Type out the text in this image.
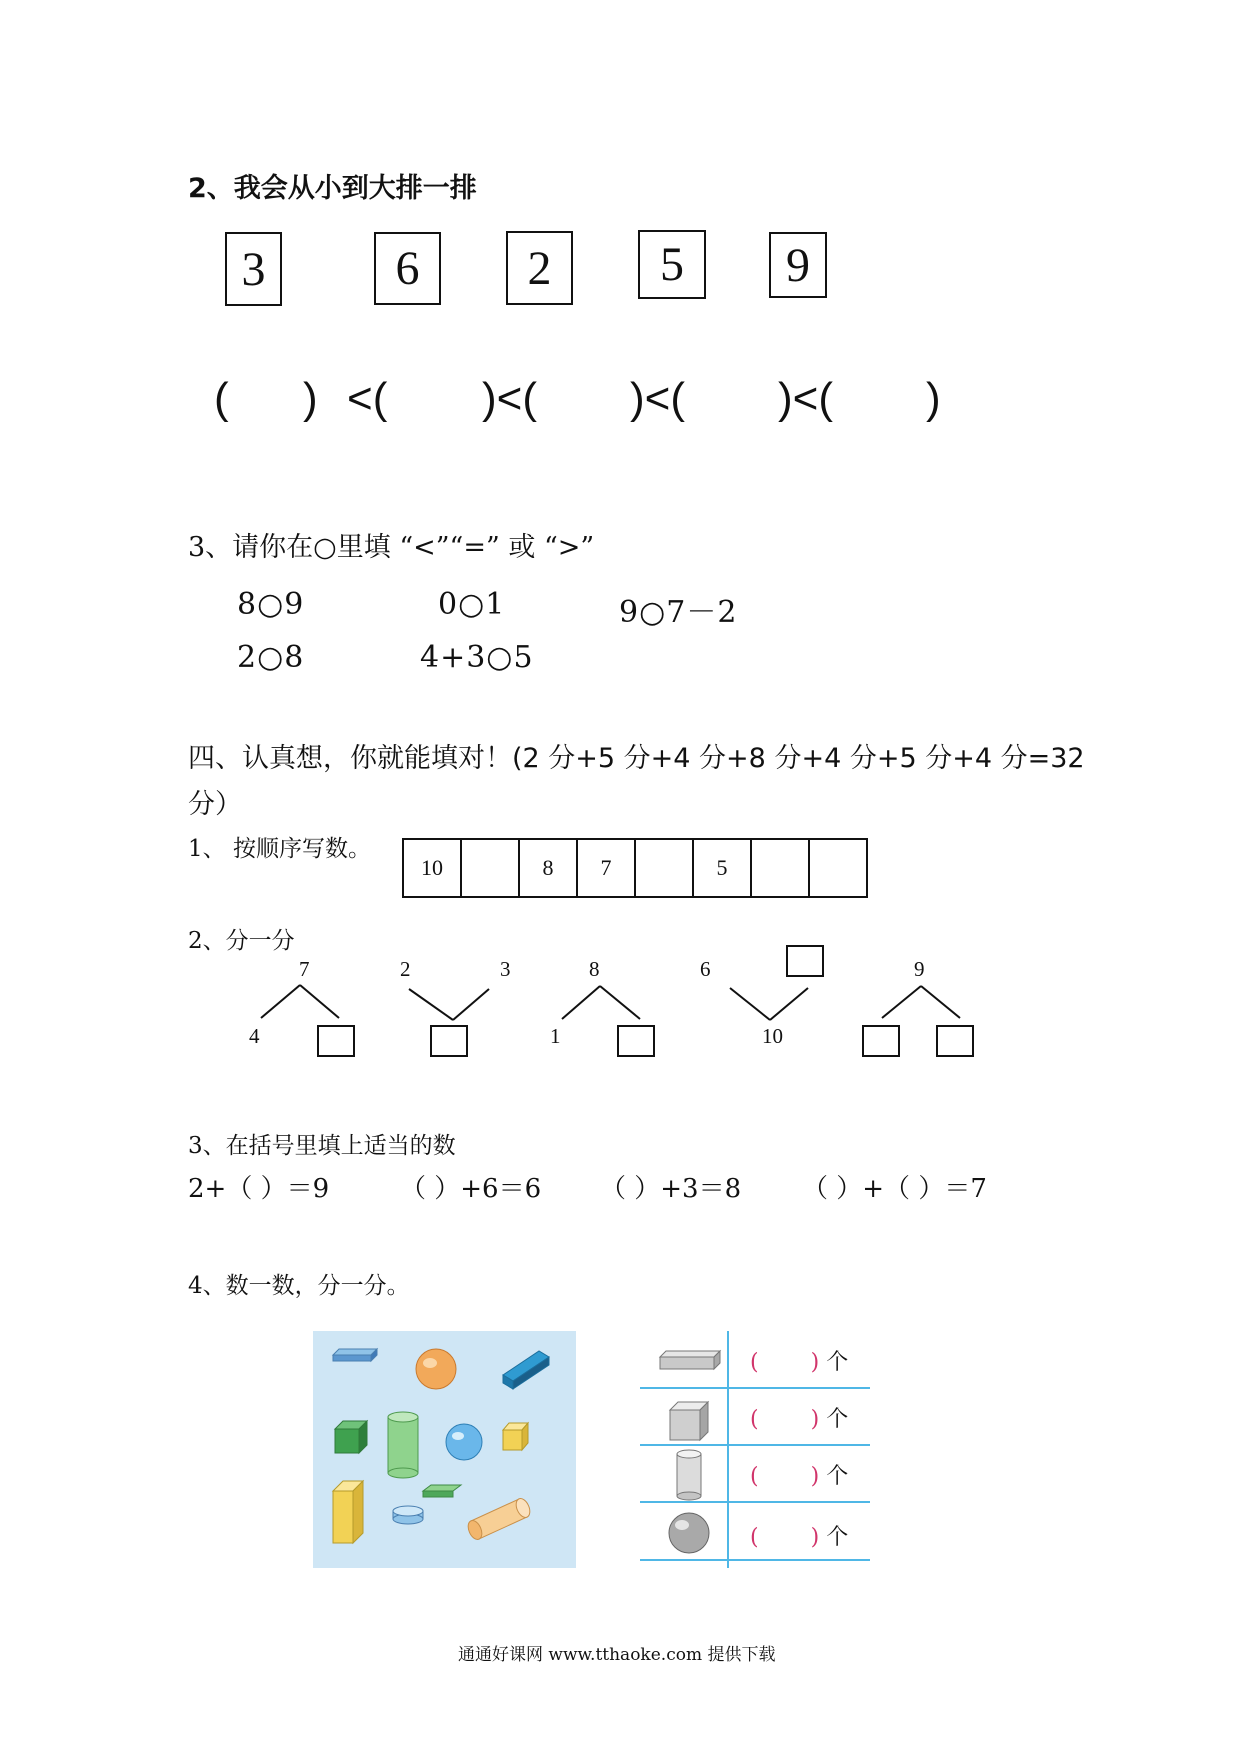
2、我会从小到大排一排
3	6	2	5	9
( ) <( )<( )<( )<( )
3、请你在○里填 “<”“=” 或 “>”
8○9	0○1	9○7－2
2○8	4+3○5
四、认真想，你就能填对！(2 分+5 分+4 分+8 分+4 分+5 分+4 分=32
分）
1、 按顺序写数。
10		8	7		5		
2、分一分
7
4
2	3	8
1
6
10
9
3、在括号里填上适当的数
2+（ ）＝9	（ ）+6＝6 （ ）+3＝8 （ ）+（ ）＝7
4、数一数，分一分。
( ) 个
( ) 个
( ) 个
( ) 个
通通好课网 www.tthaoke.com 提供下载
